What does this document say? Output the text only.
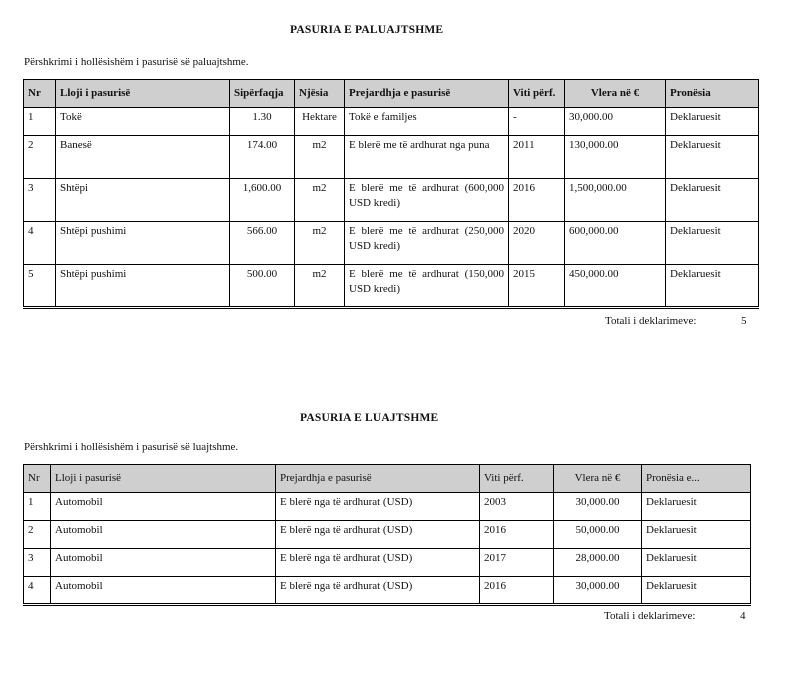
PASURIA E PALUAJTSHME
Përshkrimi i hollësishëm i pasurisë së paluajtshme.
Nr	Lloji i pasurisë	Sipërfaqja	Njësia	Prejardhja e pasurisë	Viti përf.	Vlera në €	Pronësia
1	Tokë	1.30	Hektare	Tokë e familjes	-	30,000.00	Deklaruesit
2	Banesë	174.00	m2	E blerë me të ardhurat nga puna	2011	130,000.00	Deklaruesit
3	Shtëpi	1,600.00	m2	E blerë me të ardhurat (600,000 USD kredi)	2016	1,500,000.00	Deklaruesit
4	Shtëpi pushimi	566.00	m2	E blerë me të ardhurat (250,000 USD kredi)	2020	600,000.00	Deklaruesit
5	Shtëpi pushimi	500.00	m2	E blerë me të ardhurat (150,000 USD kredi)	2015	450,000.00	Deklaruesit
Totali i deklarimeve:	5
PASURIA E LUAJTSHME
Përshkrimi i hollësishëm i pasurisë së luajtshme.
Nr	Lloji i pasurisë	Prejardhja e pasurisë	Viti përf.	Vlera në €	Pronësia e...
1	Automobil	E blerë nga të ardhurat (USD)	2003	30,000.00	Deklaruesit
2	Automobil	E blerë nga të ardhurat (USD)	2016	50,000.00	Deklaruesit
3	Automobil	E blerë nga të ardhurat (USD)	2017	28,000.00	Deklaruesit
4	Automobil	E blerë nga të ardhurat (USD)	2016	30,000.00	Deklaruesit
Totali i deklarimeve:	4
